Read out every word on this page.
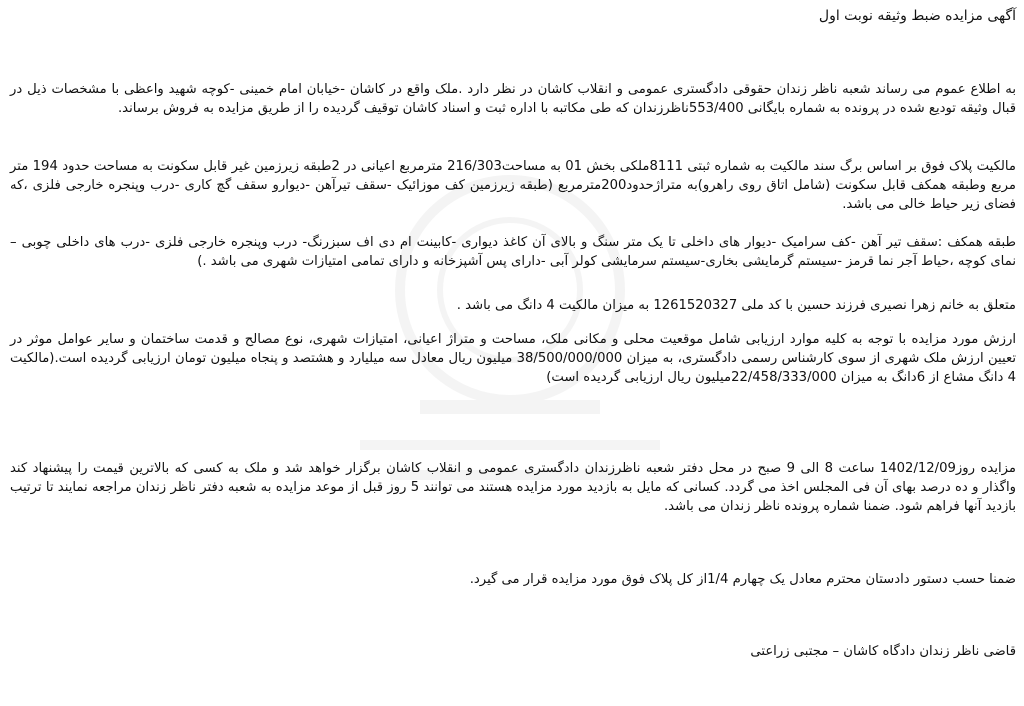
آگهی مزایده ضبط وثیقه نوبت اول

به اطلاع عموم می رساند شعبه ناظر زندان حقوقی دادگستری عمومی و انقلاب کاشان در نظر دارد .ملک واقع در کاشان -خیابان امام خمینی -کوچه شهید واعظی با مشخصات ذیل در قبال وثیقه تودیع شده در پرونده به شماره بایگانی 553/400ناظرزندان که طی مکاتبه با اداره ثبت و اسناد کاشان توقیف گردیده را از طریق مزایده به فروش برساند.

مالکیت پلاک فوق بر اساس برگ سند مالکیت به شماره ثبتی 8111ملکی بخش 01 به مساحت216/303 مترمربع اعیانی در 2طبقه زیرزمین غیر قابل سکونت به مساحت حدود 194 متر مربع وطبقه همکف قابل سکونت (شامل اتاق روی راهرو)به متراژحدود200مترمربع (طبقه زیرزمین کف موزائیک -سقف تیرآهن -دیوارو سقف گچ کاری -درب وپنجره خارجی فلزی ،که فضای زیر حیاط خالی می باشد.

طبقه همکف :سقف تیر آهن -کف سرامیک -دیوار های داخلی تا یک متر سنگ و بالای آن کاغذ دیواری -کابینت ام دی اف سبزرنگ- درب وپنجره خارجی فلزی -درب های داخلی چوبی – نمای کوچه ،حیاط آجر نما قرمز -سیستم گرمایشی بخاری-سیستم سرمایشی کولر آبی -دارای پس آشپزخانه و دارای تمامی امتیازات شهری می باشد .)

متعلق به خانم زهرا نصیری فرزند حسین با کد ملی 1261520327 به میزان مالکیت 4 دانگ می باشد .

ارزش مورد مزایده با توجه به کلیه موارد ارزیابی شامل موقعیت محلی و مکانی ملک، مساحت و متراژ اعیانی، امتیازات شهری، نوع مصالح و قدمت ساختمان و سایر عوامل موثر در تعیین ارزش ملک شهری از سوی کارشناس رسمی دادگستری، به میزان 38/500/000/000 میلیون ریال معادل سه میلیارد و هشتصد و پنجاه میلیون تومان ارزیابی گردیده است.(مالکیت 4 دانگ مشاع از 6دانگ به میزان 22/458/333/000میلیون ریال ارزیابی گردیده است)

مزایده روز1402/12/09 ساعت 8 الی 9 صبح در محل دفتر شعبه ناظرزندان دادگستری عمومی و انقلاب کاشان برگزار خواهد شد و ملک به کسی که بالاترین قیمت را پیشنهاد کند واگذار و ده درصد بهای آن فی المجلس اخذ می گردد. کسانی که مایل به بازدید مورد مزایده هستند می توانند 5 روز قبل از موعد مزایده به شعبه دفتر ناظر زندان مراجعه نمایند تا ترتیب بازدید آنها فراهم شود. ضمنا شماره پرونده ناظر زندان می باشد.

ضمنا حسب دستور دادستان محترم معادل یک چهارم 1/4از کل پلاک فوق مورد مزایده قرار می گیرد.

قاضی ناظر زندان دادگاه کاشان – مجتبی زراعتی
